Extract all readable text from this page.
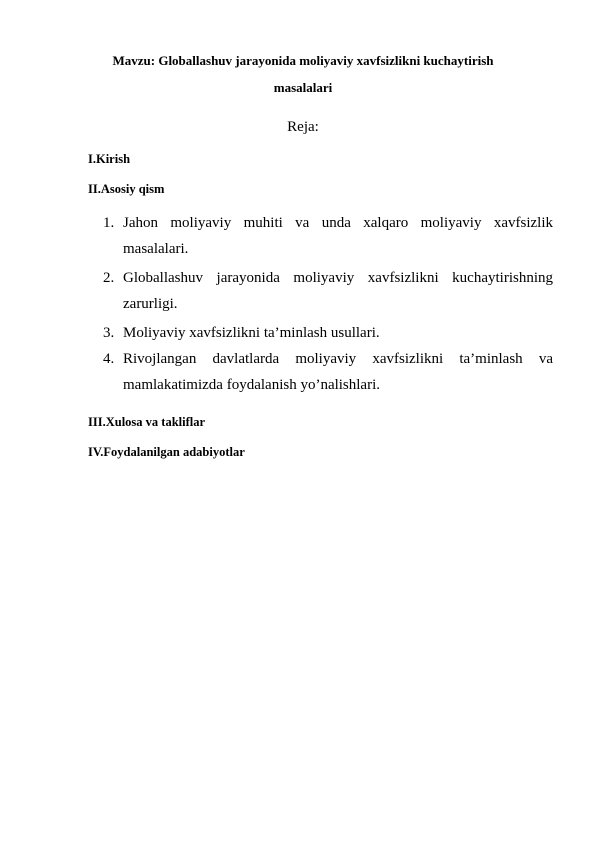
Mavzu: Globallashuv jarayonida moliyaviy xavfsizlikni kuchaytirish
masalalari
Reja:
I.Kirish
II.Asosiy qism
1. Jahon moliyaviy muhiti va unda xalqaro moliyaviy xavfsizlik masalalari.
2. Globallashuv jarayonida moliyaviy xavfsizlikni kuchaytirishning zarurligi.
3. Moliyaviy xavfsizlikni ta’minlash usullari.
4. Rivojlangan davlatlarda moliyaviy xavfsizlikni ta’minlash va mamlakatimizda foydalanish yo’nalishlari.
III.Xulosa va takliflar
IV.Foydalanilgan adabiyotlar
